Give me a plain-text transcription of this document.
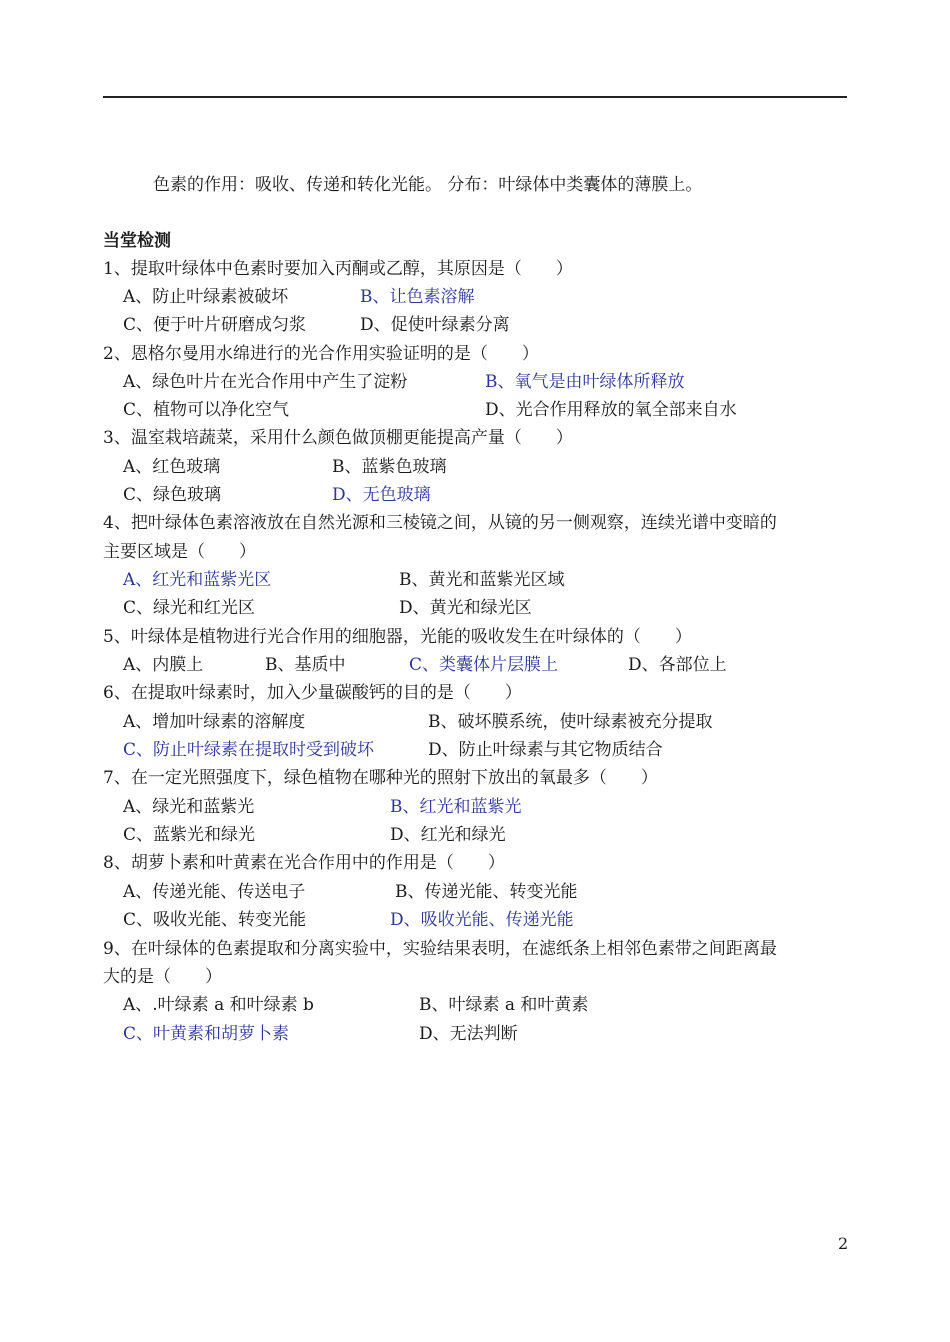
色素的作用：吸收、传递和转化光能。 分布：叶绿体中类囊体的薄膜上。
当堂检测
1、提取叶绿体中色素时要加入丙酮或乙醇，其原因是（　　）
A、防止叶绿素被破坏	B、让色素溶解
C、便于叶片研磨成匀浆	D、促使叶绿素分离
2、恩格尔曼用水绵进行的光合作用实验证明的是（　　）
A、绿色叶片在光合作用中产生了淀粉	B、氧气是由叶绿体所释放
C、植物可以净化空气	D、光合作用释放的氧全部来自水
3、温室栽培蔬菜，采用什么颜色做顶棚更能提高产量（　　）
A、红色玻璃	B、蓝紫色玻璃
C、绿色玻璃	D、无色玻璃
4、把叶绿体色素溶液放在自然光源和三棱镜之间，从镜的另一侧观察，连续光谱中变暗的
主要区域是（　　）
A、红光和蓝紫光区	B、黄光和蓝紫光区域
C、绿光和红光区	D、黄光和绿光区
5、叶绿体是植物进行光合作用的细胞器，光能的吸收发生在叶绿体的（　　）
A、内膜上	B、基质中	C、类囊体片层膜上	D、各部位上
6、在提取叶绿素时，加入少量碳酸钙的目的是（　　）
A、增加叶绿素的溶解度	B、破坏膜系统，使叶绿素被充分提取
C、防止叶绿素在提取时受到破坏	D、防止叶绿素与其它物质结合
7、在一定光照强度下，绿色植物在哪种光的照射下放出的氧最多（　　）
A、绿光和蓝紫光	B、红光和蓝紫光
C、蓝紫光和绿光	D、红光和绿光
8、胡萝卜素和叶黄素在光合作用中的作用是（　　）
A、传递光能、传送电子	B、传递光能、转变光能
C、吸收光能、转变光能	D、吸收光能、传递光能
9、在叶绿体的色素提取和分离实验中，实验结果表明，在滤纸条上相邻色素带之间距离最
大的是（　　）
A、.叶绿素 a 和叶绿素 b	B、叶绿素 a 和叶黄素
C、叶黄素和胡萝卜素	D、无法判断
2
